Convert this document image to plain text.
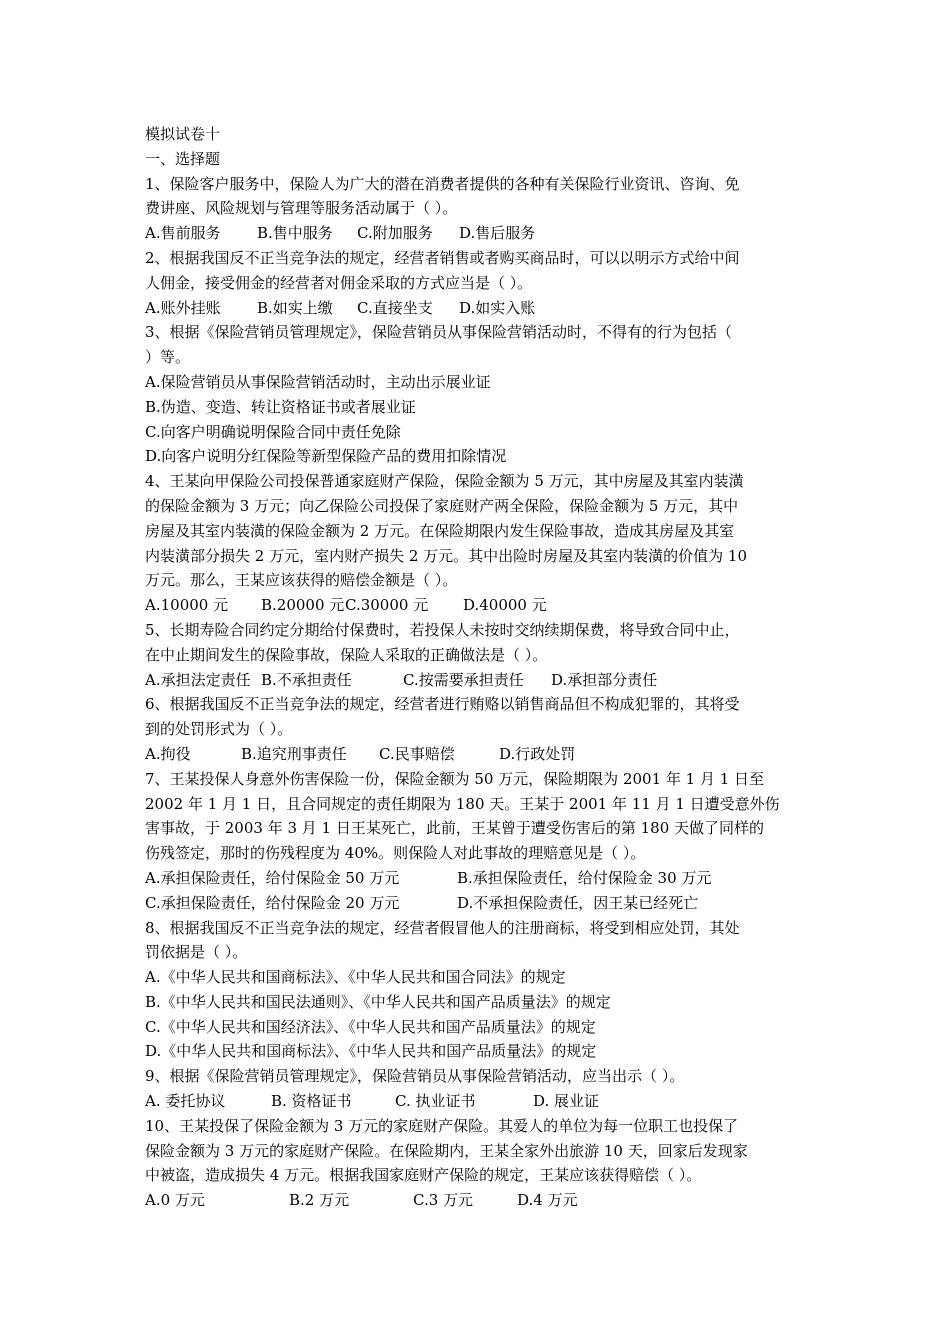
模拟试卷十
一、选择题
1、保险客户服务中，保险人为广大的潜在消费者提供的各种有关保险行业资讯、咨询、免
费讲座、风险规划与管理等服务活动属于（ ）。
A.售前服务	B.售中服务	C.附加服务	D.售后服务
2、根据我国反不正当竞争法的规定，经营者销售或者购买商品时，可以以明示方式给中间
人佣金，接受佣金的经营者对佣金采取的方式应当是（ ）。
A.账外挂账	B.如实上缴	C.直接坐支	D.如实入账
3、根据《保险营销员管理规定》，保险营销员从事保险营销活动时，不得有的行为包括（
）等。
A.保险营销员从事保险营销活动时，主动出示展业证
B.伪造、变造、转让资格证书或者展业证
C.向客户明确说明保险合同中责任免除
D.向客户说明分红保险等新型保险产品的费用扣除情况
4、王某向甲保险公司投保普通家庭财产保险，保险金额为 5 万元，其中房屋及其室内装潢
的保险金额为 3 万元；向乙保险公司投保了家庭财产两全保险，保险金额为 5 万元，其中
房屋及其室内装潢的保险金额为 2 万元。在保险期限内发生保险事故，造成其房屋及其室
内装潢部分损失 2 万元，室内财产损失 2 万元。其中出险时房屋及其室内装潢的价值为 10
万元。那么，王某应该获得的赔偿金额是（ ）。
A.10000 元	B.20000 元 C.30000 元	D.40000 元
5、长期寿险合同约定分期给付保费时，若投保人未按时交纳续期保费，将导致合同中止，
在中止期间发生的保险事故，保险人采取的正确做法是（ ）。
A.承担法定责任 B.不承担责任	C.按需要承担责任	D.承担部分责任
6、根据我国反不正当竞争法的规定，经营者进行贿赂以销售商品但不构成犯罪的，其将受
到的处罚形式为（ ）。
A.拘役	B.追究刑事责任	C.民事赔偿	D.行政处罚
7、王某投保人身意外伤害保险一份，保险金额为 50 万元，保险期限为 2001 年 1 月 1 日至
2002 年 1 月 1 日，且合同规定的责任期限为 180 天。王某于 2001 年 11 月 1 日遭受意外伤
害事故，于 2003 年 3 月 1 日王某死亡，此前，王某曾于遭受伤害后的第 180 天做了同样的
伤残签定，那时的伤残程度为 40%。则保险人对此事故的理赔意见是（ ）。
A.承担保险责任，给付保险金 50 万元	B.承担保险责任，给付保险金 30 万元
C.承担保险责任，给付保险金 20 万元	D.不承担保险责任，因王某已经死亡
8、根据我国反不正当竞争法的规定，经营者假冒他人的注册商标，将受到相应处罚，其处
罚依据是（ ）。
A.《中华人民共和国商标法》、《中华人民共和国合同法》的规定
B.《中华人民共和国民法通则》、《中华人民共和国产品质量法》的规定
C.《中华人民共和国经济法》、《中华人民共和国产品质量法》的规定
D.《中华人民共和国商标法》、《中华人民共和国产品质量法》的规定
9、根据《保险营销员管理规定》，保险营销员从事保险营销活动，应当出示（ ）。
A. 委托协议	B. 资格证书	C. 执业证书	D. 展业证
10、王某投保了保险金额为 3 万元的家庭财产保险。其爱人的单位为每一位职工也投保了
保险金额为 3 万元的家庭财产保险。在保险期内，王某全家外出旅游 10 天，回家后发现家
中被盗，造成损失 4 万元。根据我国家庭财产保险的规定，王某应该获得赔偿（ ）。
A.0 万元	B.2 万元	C.3 万元	D.4 万元
